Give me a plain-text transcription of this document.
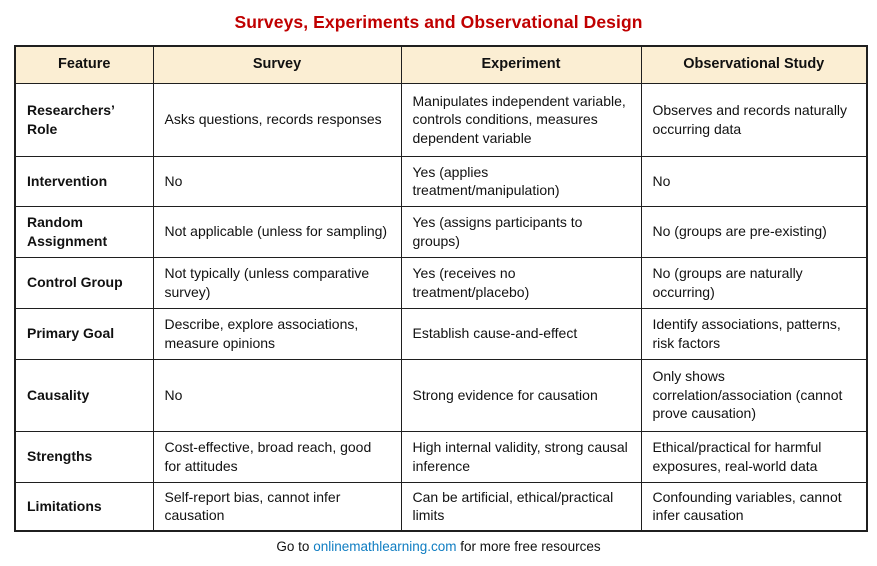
Surveys, Experiments and Observational Design
Feature	Survey	Experiment	Observational Study
Researchers’ Role	Asks questions, records responses	Manipulates independent variable, controls conditions, measures dependent variable	Observes and records naturally occurring data
Intervention	No	Yes (applies treatment/manipulation)	No
Random Assignment	Not applicable (unless for sampling)	Yes (assigns participants to groups)	No (groups are pre-existing)
Control Group	Not typically (unless comparative survey)	Yes (receives no treatment/placebo)	No (groups are naturally occurring)
Primary Goal	Describe, explore associations, measure opinions	Establish cause-and-effect	Identify associations, patterns, risk factors
Causality	No	Strong evidence for causation	Only shows correlation/association (cannot prove causation)
Strengths	Cost-effective, broad reach, good for attitudes	High internal validity, strong causal inference	Ethical/practical for harmful exposures, real-world data
Limitations	Self-report bias, cannot infer causation	Can be artificial, ethical/practical limits	Confounding variables, cannot infer causation
Go to onlinemathlearning.com for more free resources
